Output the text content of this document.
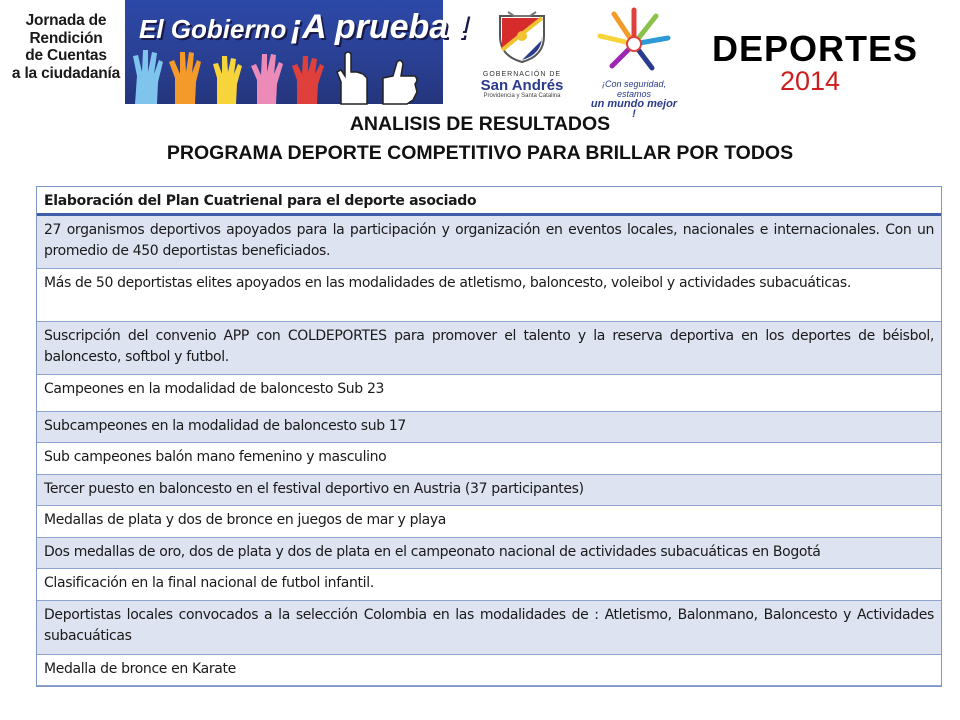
Jornada de
Rendición
de Cuentas
a la ciudadanía
El Gobierno ¡A prueba !
GOBERNACIÓN DE
San Andrés
Providencia y Santa Catalina
¡Con seguridad, estamos
un mundo mejor !
DEPORTES
2014
ANALISIS DE RESULTADOS
PROGRAMA DEPORTE COMPETITIVO PARA BRILLAR POR TODOS
Elaboración del Plan Cuatrienal para el deporte asociado
27 organismos deportivos apoyados para la participación y organización en eventos locales, nacionales e internacionales. Con un promedio de 450 deportistas beneficiados.
Más de 50 deportistas elites apoyados en las modalidades de atletismo, baloncesto, voleibol y actividades subacuáticas.
Suscripción del convenio APP con COLDEPORTES para promover el talento y la reserva deportiva en los deportes de béisbol, baloncesto, softbol y futbol.
Campeones en la modalidad de baloncesto Sub 23
Subcampeones en la modalidad de baloncesto sub 17
Sub campeones balón mano femenino y masculino
Tercer puesto en baloncesto en el festival deportivo en Austria (37 participantes)
Medallas de plata y dos de bronce en juegos de mar y playa
Dos medallas de oro, dos de plata y dos de plata en el campeonato nacional de actividades subacuáticas en Bogotá
Clasificación en la final nacional de futbol infantil.
Deportistas locales convocados a la selección Colombia en las modalidades de : Atletismo, Balonmano, Baloncesto y Actividades subacuáticas
Medalla de bronce en Karate
